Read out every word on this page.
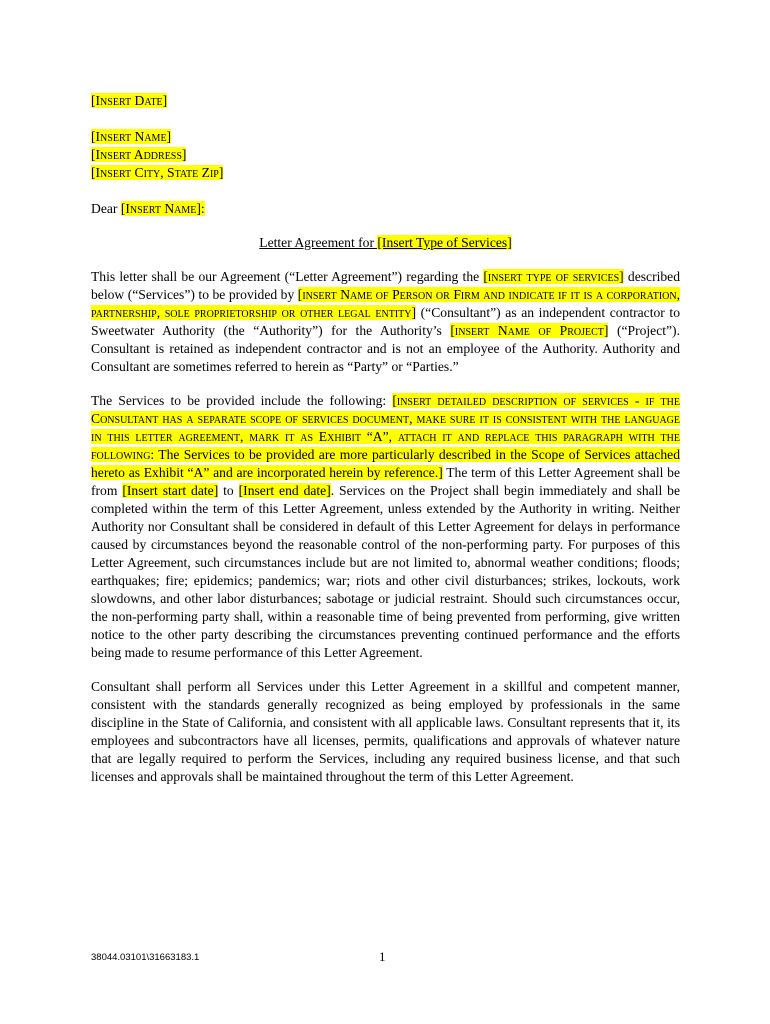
[Insert Date]

[Insert Name]

[Insert Address]

[Insert City, State Zip]

Dear [Insert Name]:

Letter Agreement for [Insert Type of Services]

This letter shall be our Agreement (“Letter Agreement”) regarding the [insert type of services] described below (“Services”) to be provided by [insert Name of Person or Firm and indicate if it is a corporation, partnership, sole proprietorship or other legal entity] (“Consultant”) as an independent contractor to Sweetwater Authority (the “Authority”) for the Authority’s [insert Name of Project] (“Project”). Consultant is retained as independent contractor and is not an employee of the Authority. Authority and Consultant are sometimes referred to herein as “Party” or “Parties.”

The Services to be provided include the following: [insert detailed description of services - if the Consultant has a separate scope of services document, make sure it is consistent with the language in this letter agreement, mark it as Exhibit “A”, attach it and replace this paragraph with the following: The Services to be provided are more particularly described in the Scope of Services attached hereto as Exhibit “A” and are incorporated herein by reference.] The term of this Letter Agreement shall be from [Insert start date] to [Insert end date]. Services on the Project shall begin immediately and shall be completed within the term of this Letter Agreement, unless extended by the Authority in writing. Neither Authority nor Consultant shall be considered in default of this Letter Agreement for delays in performance caused by circumstances beyond the reasonable control of the non-performing party. For purposes of this Letter Agreement, such circumstances include but are not limited to, abnormal weather conditions; floods; earthquakes; fire; epidemics; pandemics; war; riots and other civil disturbances; strikes, lockouts, work slowdowns, and other labor disturbances; sabotage or judicial restraint. Should such circumstances occur, the non-performing party shall, within a reasonable time of being prevented from performing, give written notice to the other party describing the circumstances preventing continued performance and the efforts being made to resume performance of this Letter Agreement.

Consultant shall perform all Services under this Letter Agreement in a skillful and competent manner, consistent with the standards generally recognized as being employed by professionals in the same discipline in the State of California, and consistent with all applicable laws. Consultant represents that it, its employees and subcontractors have all licenses, permits, qualifications and approvals of whatever nature that are legally required to perform the Services, including any required business license, and that such licenses and approvals shall be maintained throughout the term of this Letter Agreement.

38044.03101\31663183.1	1
